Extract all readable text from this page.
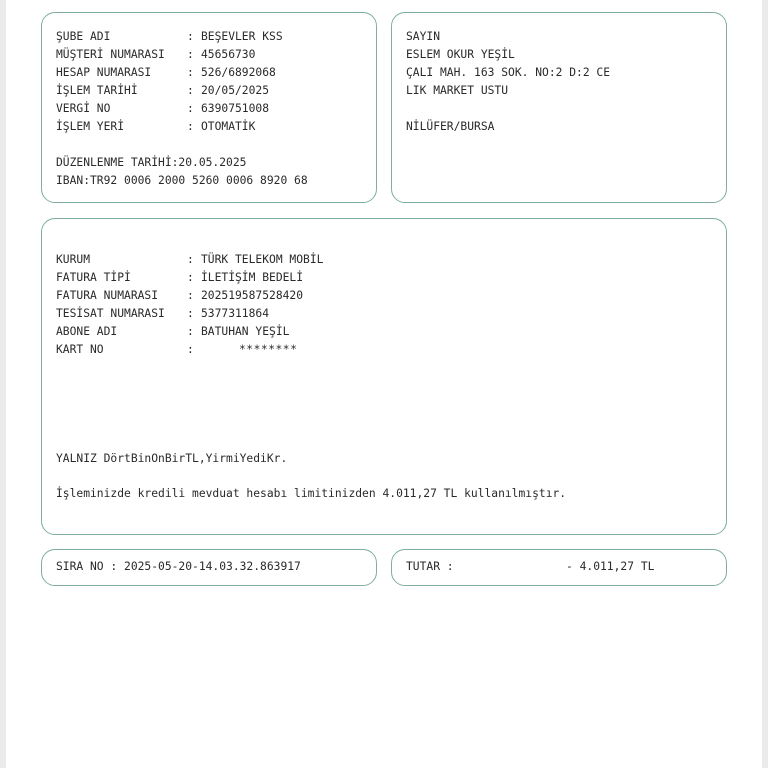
ŞUBE ADI	: BEŞEVLER KSS
MÜŞTERİ NUMARASI	: 45656730
HESAP NUMARASI	: 526/6892068
İŞLEM TARİHİ	: 20/05/2025
VERGİ NO	: 6390751008
İŞLEM YERİ	: OTOMATİK
DÜZENLENME TARİHİ:20.05.2025
IBAN:TR92 0006 2000 5260 0006 8920 68
SAYIN
ESLEM OKUR YEŞİL
ÇALI MAH. 163 SOK. NO:2 D:2 CE
LIK MARKET USTU
NİLÜFER/BURSA
KURUM	: TÜRK TELEKOM MOBİL
FATURA TİPİ	: İLETİŞİM BEDELİ
FATURA NUMARASI	: 202519587528420
TESİSAT NUMARASI	: 5377311864
ABONE ADI	: BATUHAN YEŞİL
KART NO	:	********
YALNIZ DörtBinOnBirTL,YirmiYediKr.
İşleminizde kredili mevduat hesabı limitinizden 4.011,27 TL kullanılmıştır.
SIRA NO : 2025-05-20-14.03.32.863917	TUTAR :	- 4.011,27 TL
